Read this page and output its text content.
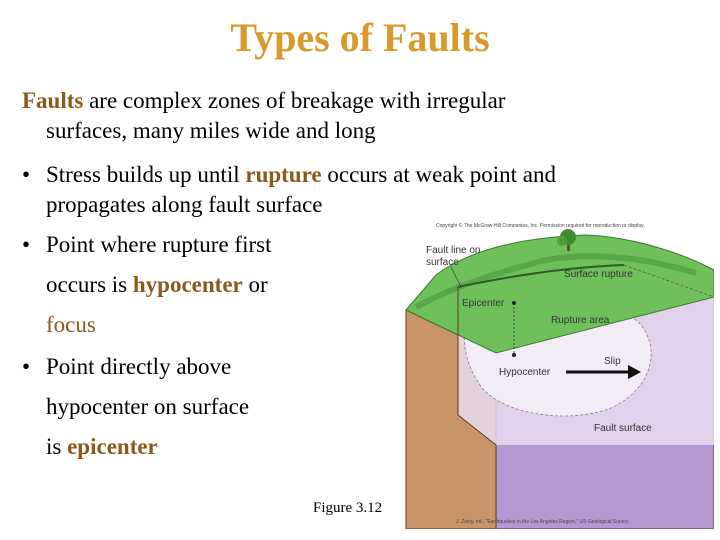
Types of Faults
Faults are complex zones of breakage with irregular
surfaces, many miles wide and long
• Stress builds up until rupture occurs at weak point and
propagates along fault surface
• Point where rupture first
occurs is hypocenter or
focus
• Point directly above
hypocenter on surface
is epicenter
Copyright © The McGraw-Hill Companies, Inc. Permission required for reproduction or display.
Fault line on
surface
Surface rupture
Epicenter
Rupture area
Slip
Hypocenter
Fault surface
J. Ziony, ed., "Earthquakes in the Los Angeles Region," US Geological Survey
Figure 3.12
